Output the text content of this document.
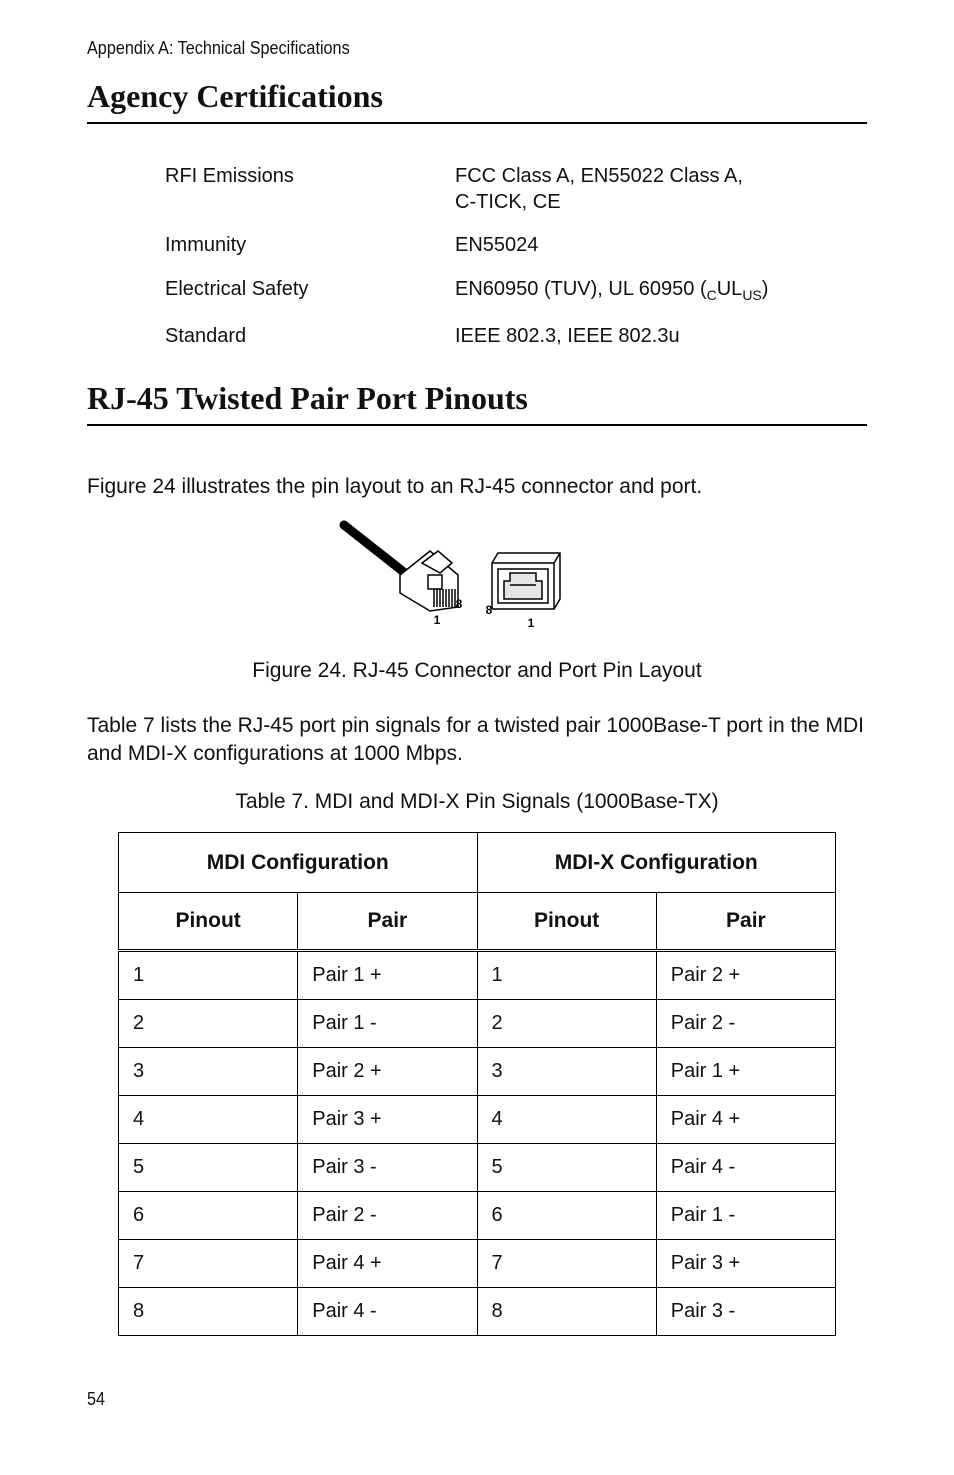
Appendix A: Technical Specifications
Agency Certifications
RFI Emissions	FCC Class A, EN55022 Class A,
C-TICK, CE
Immunity	EN55024
Electrical Safety	EN60950 (TUV), UL 60950 $(_CUL_{US})$
Standard	IEEE 802.3, IEEE 802.3u
RJ-45 Twisted Pair Port Pinouts
Figure 24 illustrates the pin layout to an RJ-45 connector and port.
1
8 8
1
Figure 24. RJ-45 Connector and Port Pin Layout
Table 7 lists the RJ-45 port pin signals for a twisted pair 1000Base-T port in the MDI and MDI-X configurations at 1000 Mbps.
Table 7. MDI and MDI-X Pin Signals (1000Base-TX)
MDI Configuration		MDI-X Configuration	
Pinout	Pair	Pinout	Pair
1	Pair 1 +	1	Pair 2 +
2	Pair 1 -	2	Pair 2 -
3	Pair 2 +	3	Pair 1 +
4	Pair 3 +	4	Pair 4 +
5	Pair 3 -	5	Pair 4 -
6	Pair 2 -	6	Pair 1 -
7	Pair 4 +	7	Pair 3 +
8	Pair 4 -	8	Pair 3 -
54
